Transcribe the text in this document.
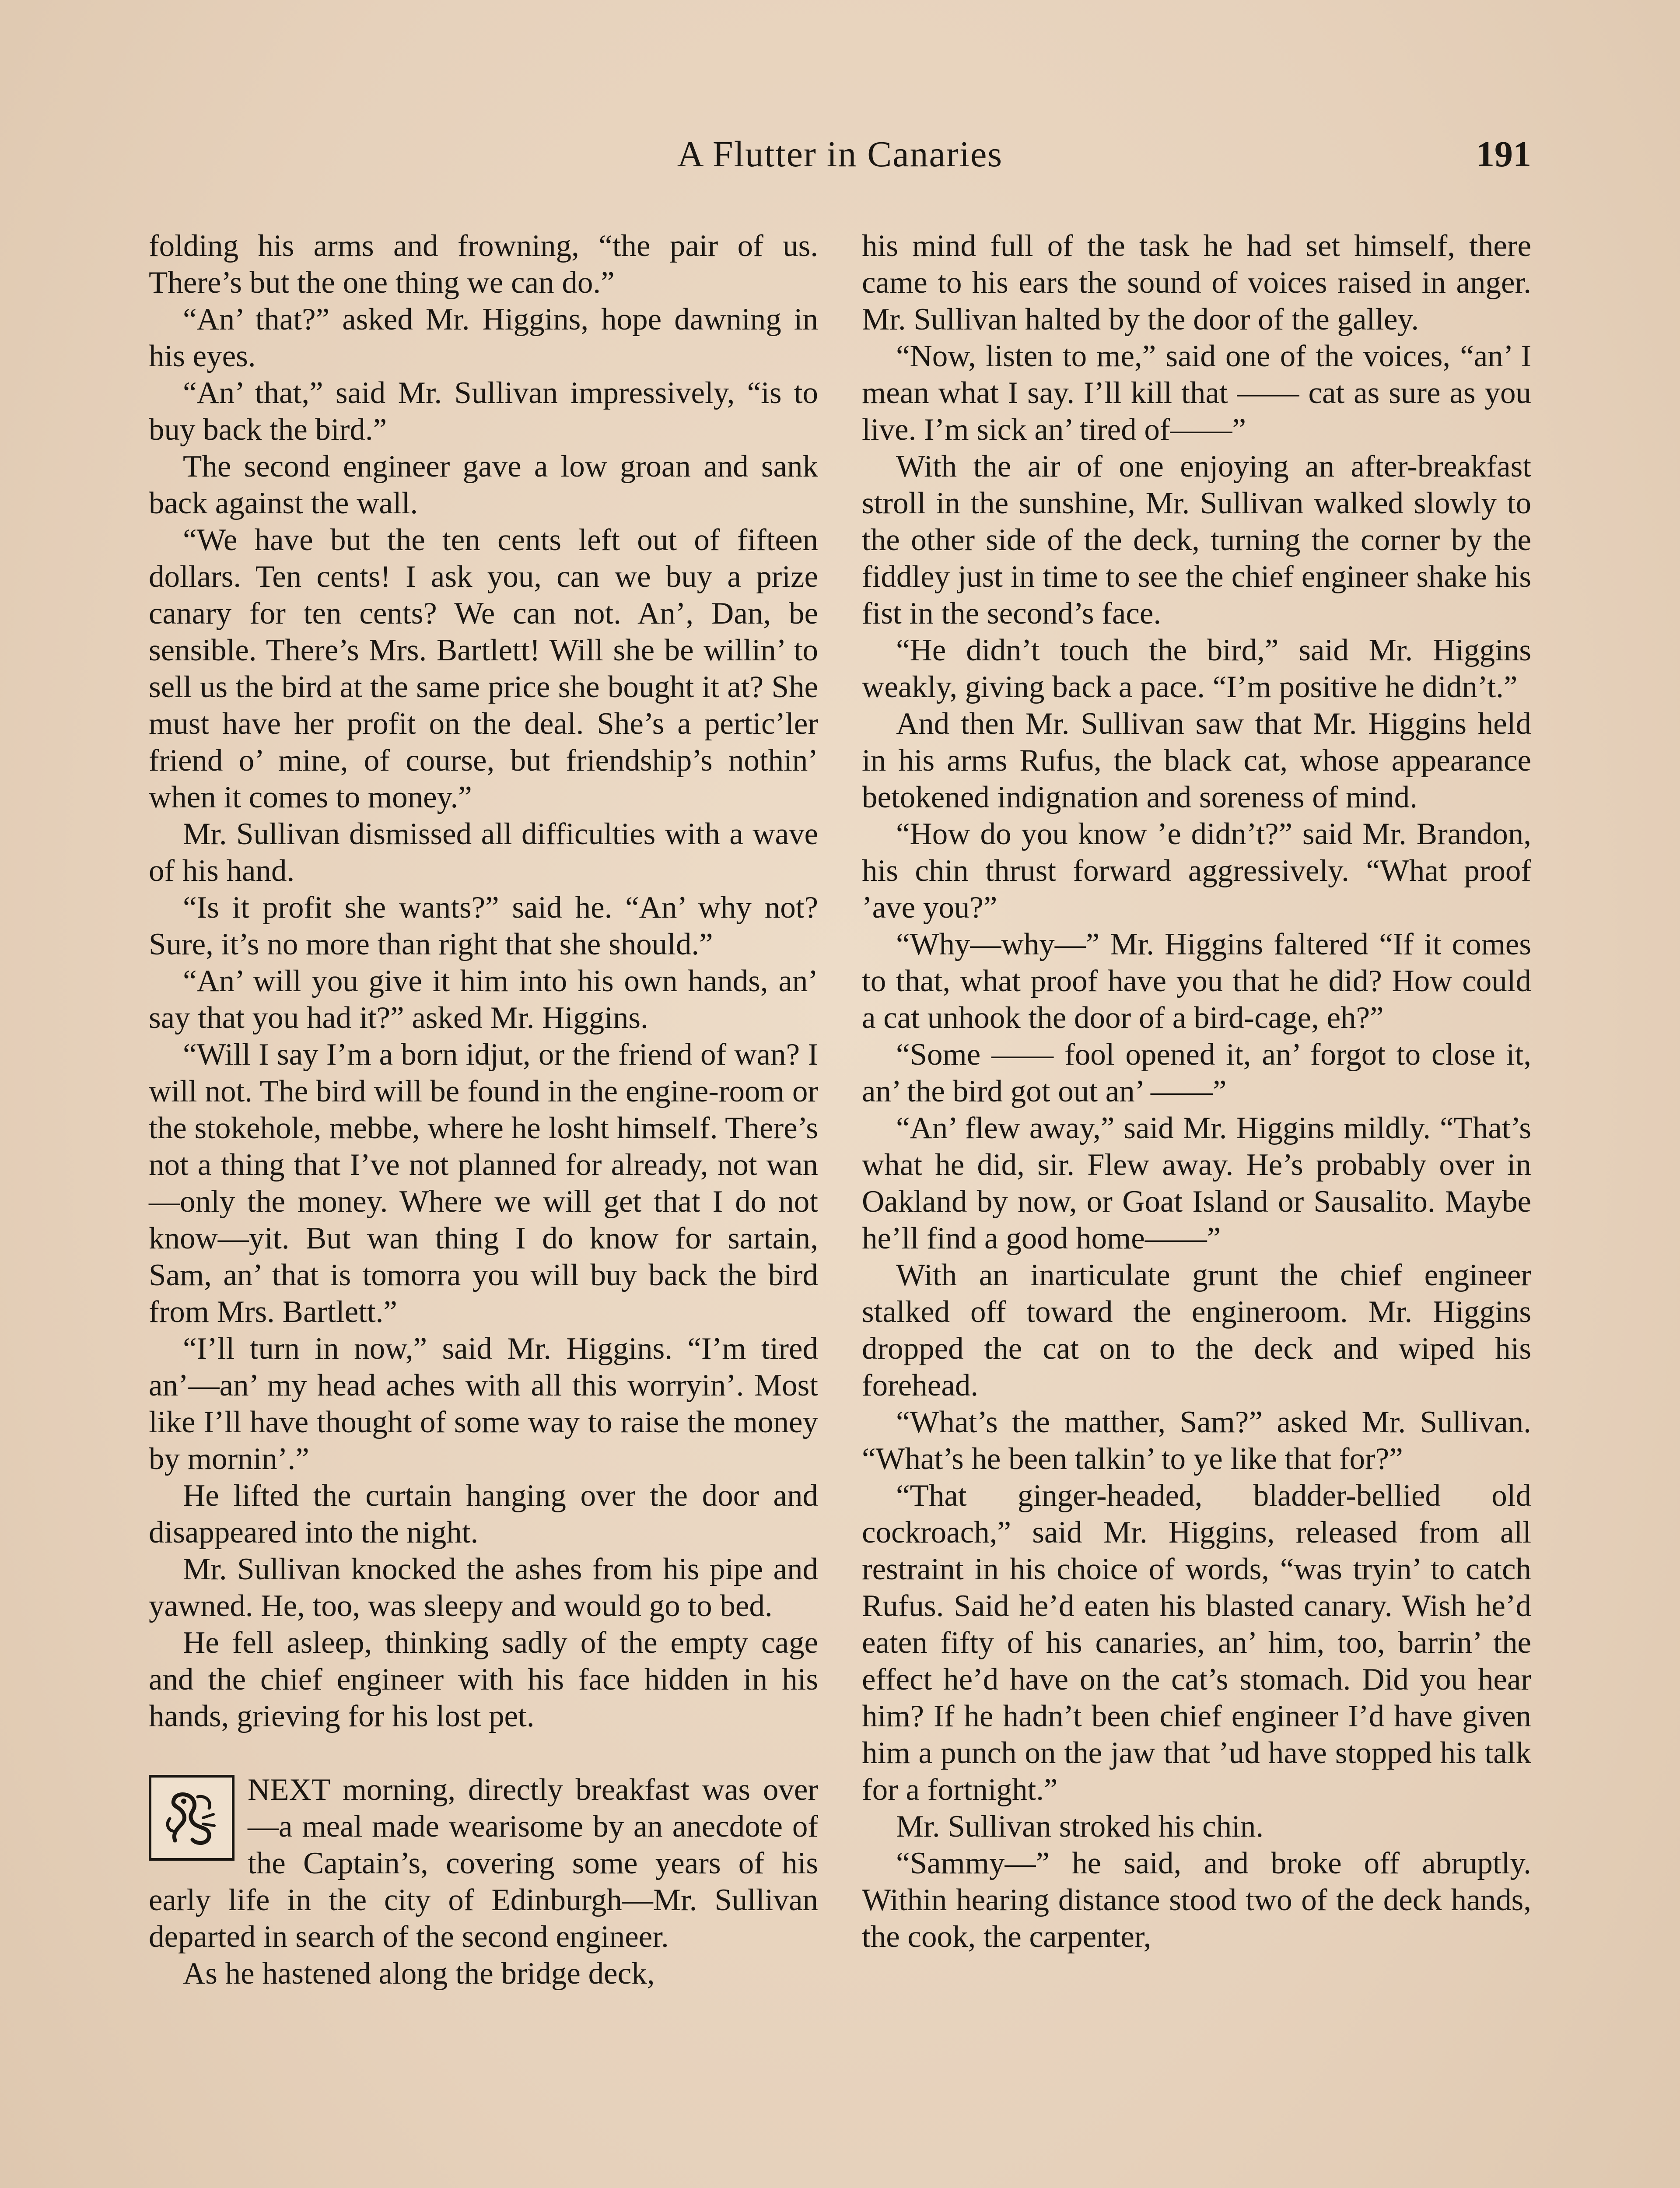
A Flutter in Canaries	191

folding his arms and frowning, “the pair of us. There’s but the one thing we can do.”

“An’ that?” asked Mr. Higgins, hope dawning in his eyes.

“An’ that,” said Mr. Sullivan impressively, “is to buy back the bird.”

The second engineer gave a low groan and sank back against the wall.

“We have but the ten cents left out of fifteen dollars. Ten cents! I ask you, can we buy a prize canary for ten cents? We can not. An’, Dan, be sensible. There’s Mrs. Bartlett! Will she be willin’ to sell us the bird at the same price she bought it at? She must have her profit on the deal. She’s a pertic’ler friend o’ mine, of course, but friendship’s nothin’ when it comes to money.”

Mr. Sullivan dismissed all difficulties with a wave of his hand.

“Is it profit she wants?” said he. “An’ why not? Sure, it’s no more than right that she should.”

“An’ will you give it him into his own hands, an’ say that you had it?” asked Mr. Higgins.

“Will I say I’m a born idjut, or the friend of wan? I will not. The bird will be found in the engine-room or the stokehole, mebbe, where he losht himself. There’s not a thing that I’ve not planned for already, not wan—only the money. Where we will get that I do not know—yit. But wan thing I do know for sartain, Sam, an’ that is tomorra you will buy back the bird from Mrs. Bartlett.”

“I’ll turn in now,” said Mr. Higgins. “I’m tired an’—an’ my head aches with all this worryin’. Most like I’ll have thought of some way to raise the money by mornin’.”

He lifted the curtain hanging over the door and disappeared into the night.

Mr. Sullivan knocked the ashes from his pipe and yawned. He, too, was sleepy and would go to bed.

He fell asleep, thinking sadly of the empty cage and the chief engineer with his face hidden in his hands, grieving for his lost pet.

NEXT morning, directly breakfast was over—a meal made wearisome by an anecdote of the Captain’s, covering some years of his early life in the city of Edinburgh—Mr. Sullivan departed in search of the second engineer.

As he hastened along the bridge deck,

his mind full of the task he had set himself, there came to his ears the sound of voices raised in anger. Mr. Sullivan halted by the door of the galley.

“Now, listen to me,” said one of the voices, “an’ I mean what I say. I’ll kill that —— cat as sure as you live. I’m sick an’ tired of——”

With the air of one enjoying an after-breakfast stroll in the sunshine, Mr. Sullivan walked slowly to the other side of the deck, turning the corner by the fiddley just in time to see the chief engineer shake his fist in the second’s face.

“He didn’t touch the bird,” said Mr. Higgins weakly, giving back a pace. “I’m positive he didn’t.”

And then Mr. Sullivan saw that Mr. Higgins held in his arms Rufus, the black cat, whose appearance betokened indignation and soreness of mind.

“How do you know ’e didn’t?” said Mr. Brandon, his chin thrust forward aggressively. “What proof ’ave you?”

“Why—why—” Mr. Higgins faltered “If it comes to that, what proof have you that he did? How could a cat unhook the door of a bird-cage, eh?”

“Some —— fool opened it, an’ forgot to close it, an’ the bird got out an’ ——”

“An’ flew away,” said Mr. Higgins mildly. “That’s what he did, sir. Flew away. He’s probably over in Oakland by now, or Goat Island or Sausalito. Maybe he’ll find a good home——”

With an inarticulate grunt the chief engineer stalked off toward the engineroom. Mr. Higgins dropped the cat on to the deck and wiped his forehead.

“What’s the matther, Sam?” asked Mr. Sullivan. “What’s he been talkin’ to ye like that for?”

“That ginger-headed, bladder-bellied old cockroach,” said Mr. Higgins, released from all restraint in his choice of words, “was tryin’ to catch Rufus. Said he’d eaten his blasted canary. Wish he’d eaten fifty of his canaries, an’ him, too, barrin’ the effect he’d have on the cat’s stomach. Did you hear him? If he hadn’t been chief engineer I’d have given him a punch on the jaw that ’ud have stopped his talk for a fortnight.”

Mr. Sullivan stroked his chin.

“Sammy—” he said, and broke off abruptly. Within hearing distance stood two of the deck hands, the cook, the carpenter,
